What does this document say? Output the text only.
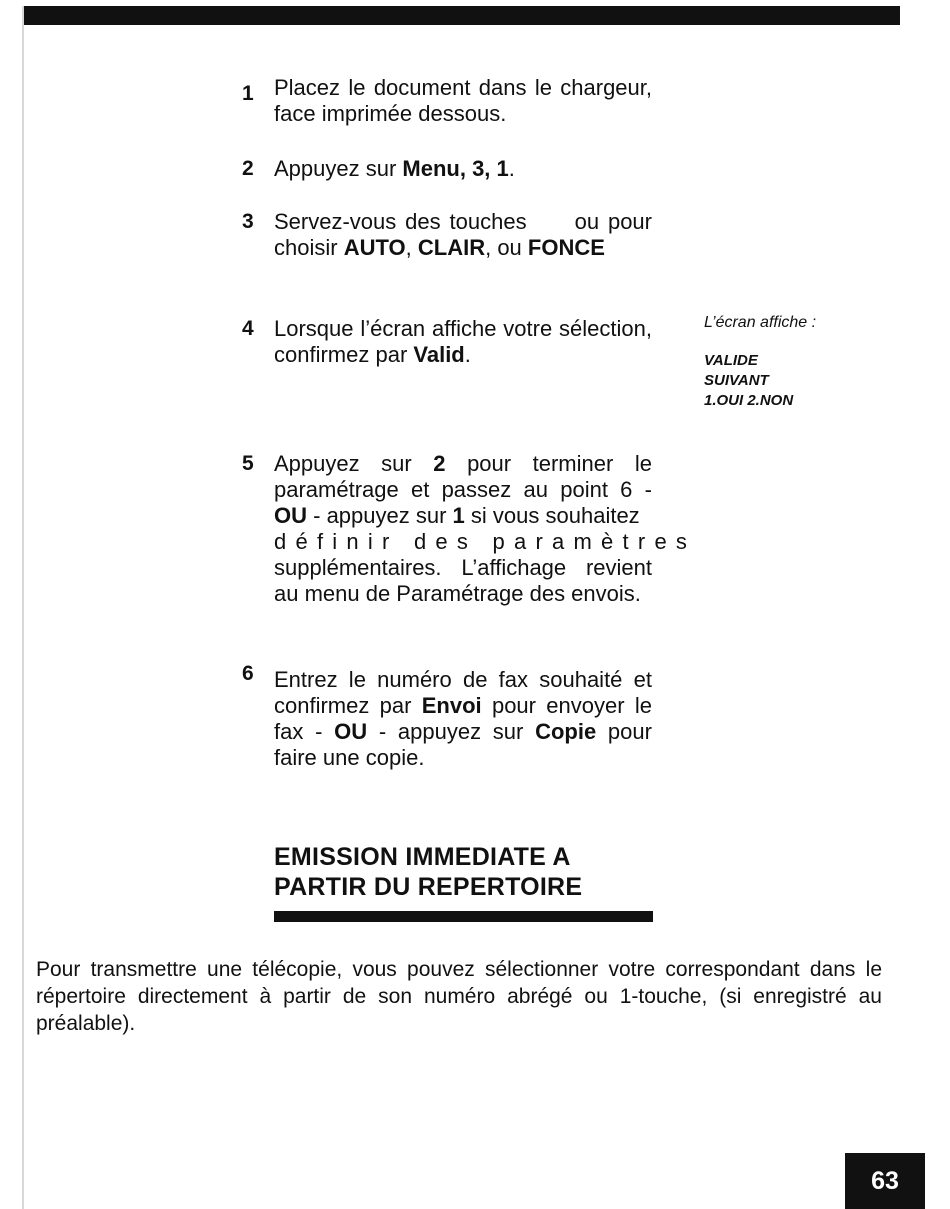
1 Placez le document dans le chargeur, face imprimée dessous.
2 Appuyez sur Menu, 3, 1.
3 Servez-vous des touches ou pour choisir AUTO, CLAIR, ou FONCE
4 Lorsque l’écran affiche votre sélection, confirmez par Valid.
L’écran affiche :
VALIDE
SUIVANT
1.OUI 2.NON
5 Appuyez sur 2 pour terminer le paramétrage et passez au point 6 - OU - appuyez sur 1 si vous souhaitez
définir des paramètres
supplémentaires. L’affichage revient au menu de Paramétrage des envois.
6 Entrez le numéro de fax souhaité et confirmez par Envoi pour envoyer le fax - OU - appuyez sur Copie pour faire une copie.
EMISSION IMMEDIATE A
PARTIR DU REPERTOIRE
Pour transmettre une télécopie, vous pouvez sélectionner votre correspondant dans le répertoire directement à partir de son numéro abrégé ou 1-touche, (si enregistré au préalable).
63
